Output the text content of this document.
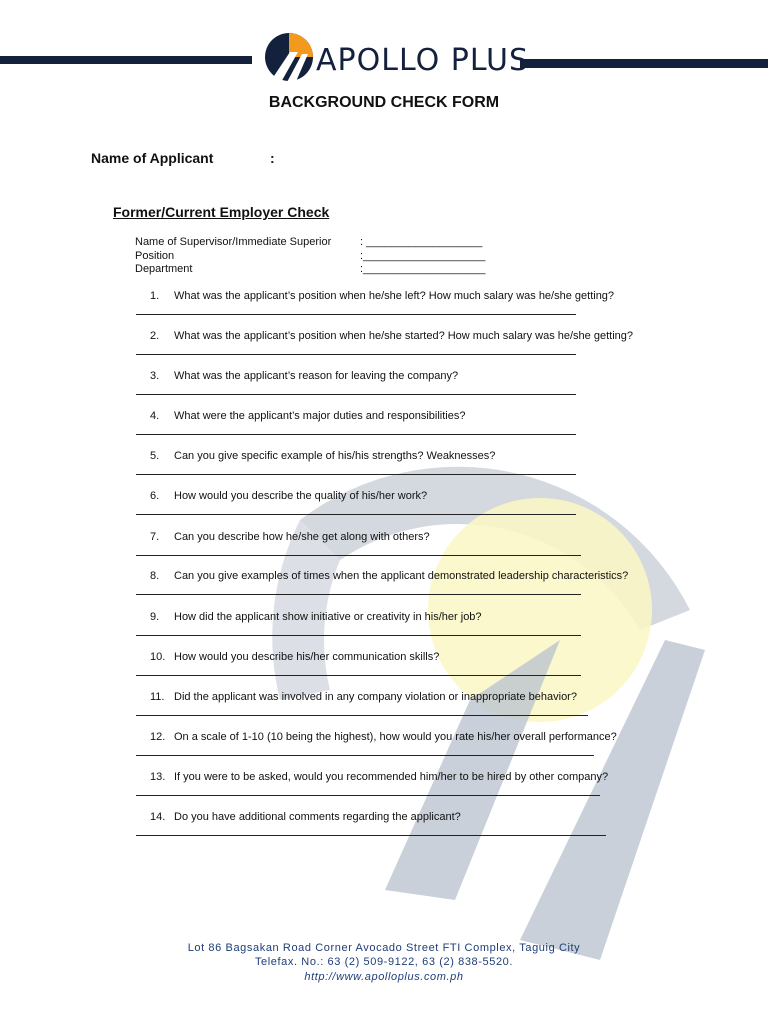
APOLLO PLUS
BACKGROUND CHECK FORM
Name of Applicant	:
Former/Current Employer Check
Name of Supervisor/Immediate Superior	: ___________________
Position	:____________________
Department	:____________________
1. What was the applicant’s position when he/she left? How much salary was he/she getting?
2. What was the applicant’s position when he/she started? How much salary was he/she getting?
3. What was the applicant’s reason for leaving the company?
4. What were the applicant’s major duties and responsibilities?
5. Can you give specific example of his/his strengths? Weaknesses?
6. How would you describe the quality of his/her work?
7. Can you describe how he/she get along with others?
8. Can you give examples of times when the applicant demonstrated leadership characteristics?
9. How did the applicant show initiative or creativity in his/her job?
10. How would you describe his/her communication skills?
11. Did the applicant was involved in any company violation or inappropriate behavior?
12. On a scale of 1-10 (10 being the highest), how would you rate his/her overall performance?
13. If you were to be asked, would you recommended him/her to be hired by other company?
14. Do you have additional comments regarding the applicant?
Lot 86 Bagsakan Road Corner Avocado Street FTI Complex, Taguig City
Telefax. No.: 63 (2) 509-9122, 63 (2) 838-5520.
http://www.apolloplus.com.ph
